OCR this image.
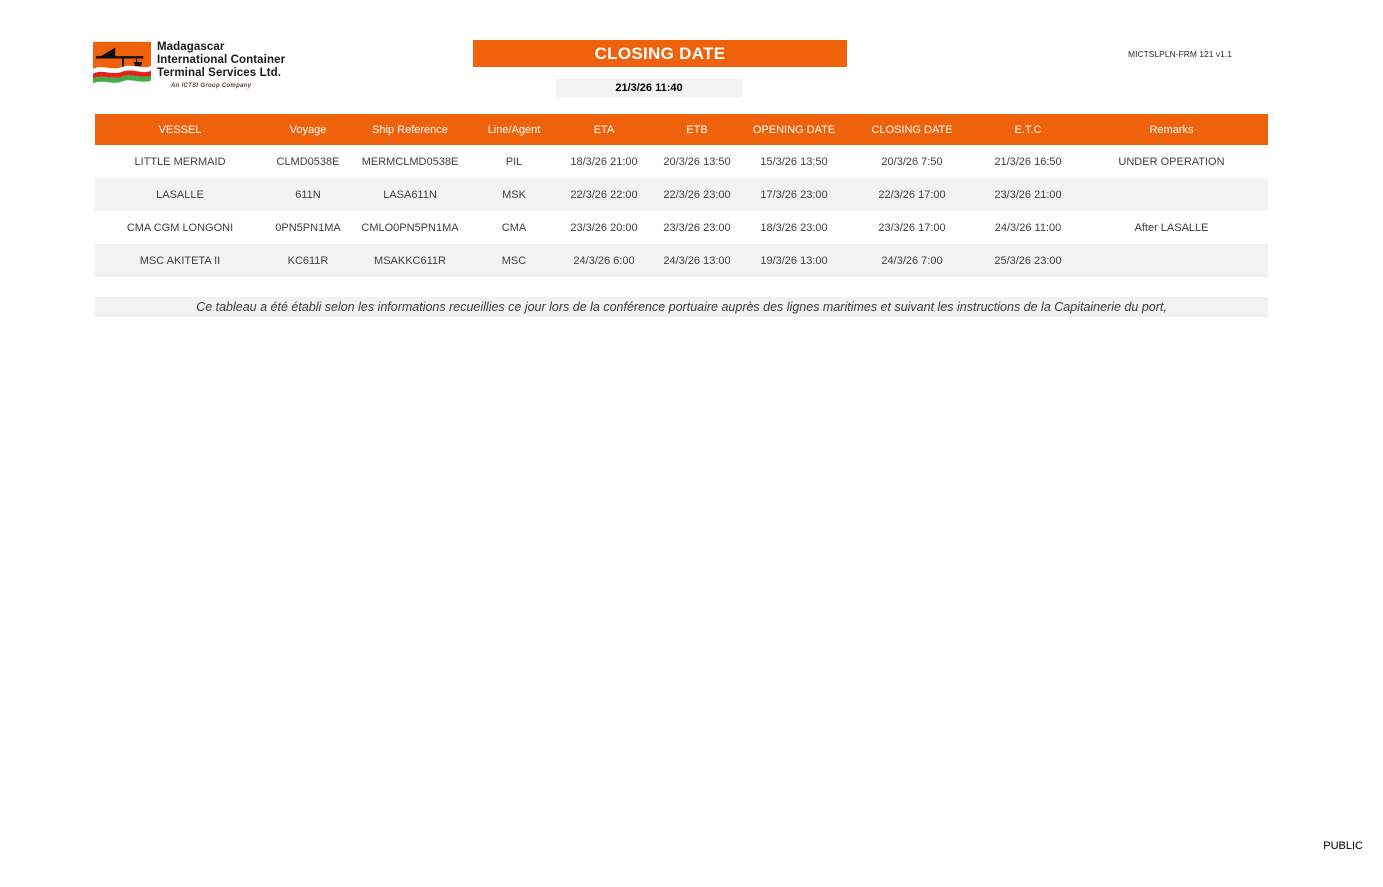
Madagascar
International Container
Terminal Services Ltd.
An ICTSI Group Company
CLOSING DATE	MICTSLPLN-FRM 121 v1.1
21/3/26 11:40
VESSEL	Voyage	Ship Reference	Line/Agent	ETA	ETB	OPENING DATE	CLOSING DATE	E.T.C	Remarks
LITTLE MERMAID	CLMD0538E	MERMCLMD0538E	PIL	18/3/26 21:00	20/3/26 13:50	15/3/26 13:50	20/3/26 7:50	21/3/26 16:50	UNDER OPERATION
LASALLE	611N	LASA611N	MSK	22/3/26 22:00	22/3/26 23:00	17/3/26 23:00	22/3/26 17:00	23/3/26 21:00	
CMA CGM LONGONI	0PN5PN1MA	CMLO0PN5PN1MA	CMA	23/3/26 20:00	23/3/26 23:00	18/3/26 23:00	23/3/26 17:00	24/3/26 11:00	After LASALLE
MSC AKITETA II	KC611R	MSAKKC611R	MSC	24/3/26 6:00	24/3/26 13:00	19/3/26 13:00	24/3/26 7:00	25/3/26 23:00	
Ce tableau a été établi selon les informations recueillies ce jour lors de la conférence portuaire auprès des lignes maritimes et suivant les instructions de la Capitainerie du port,
PUBLIC
